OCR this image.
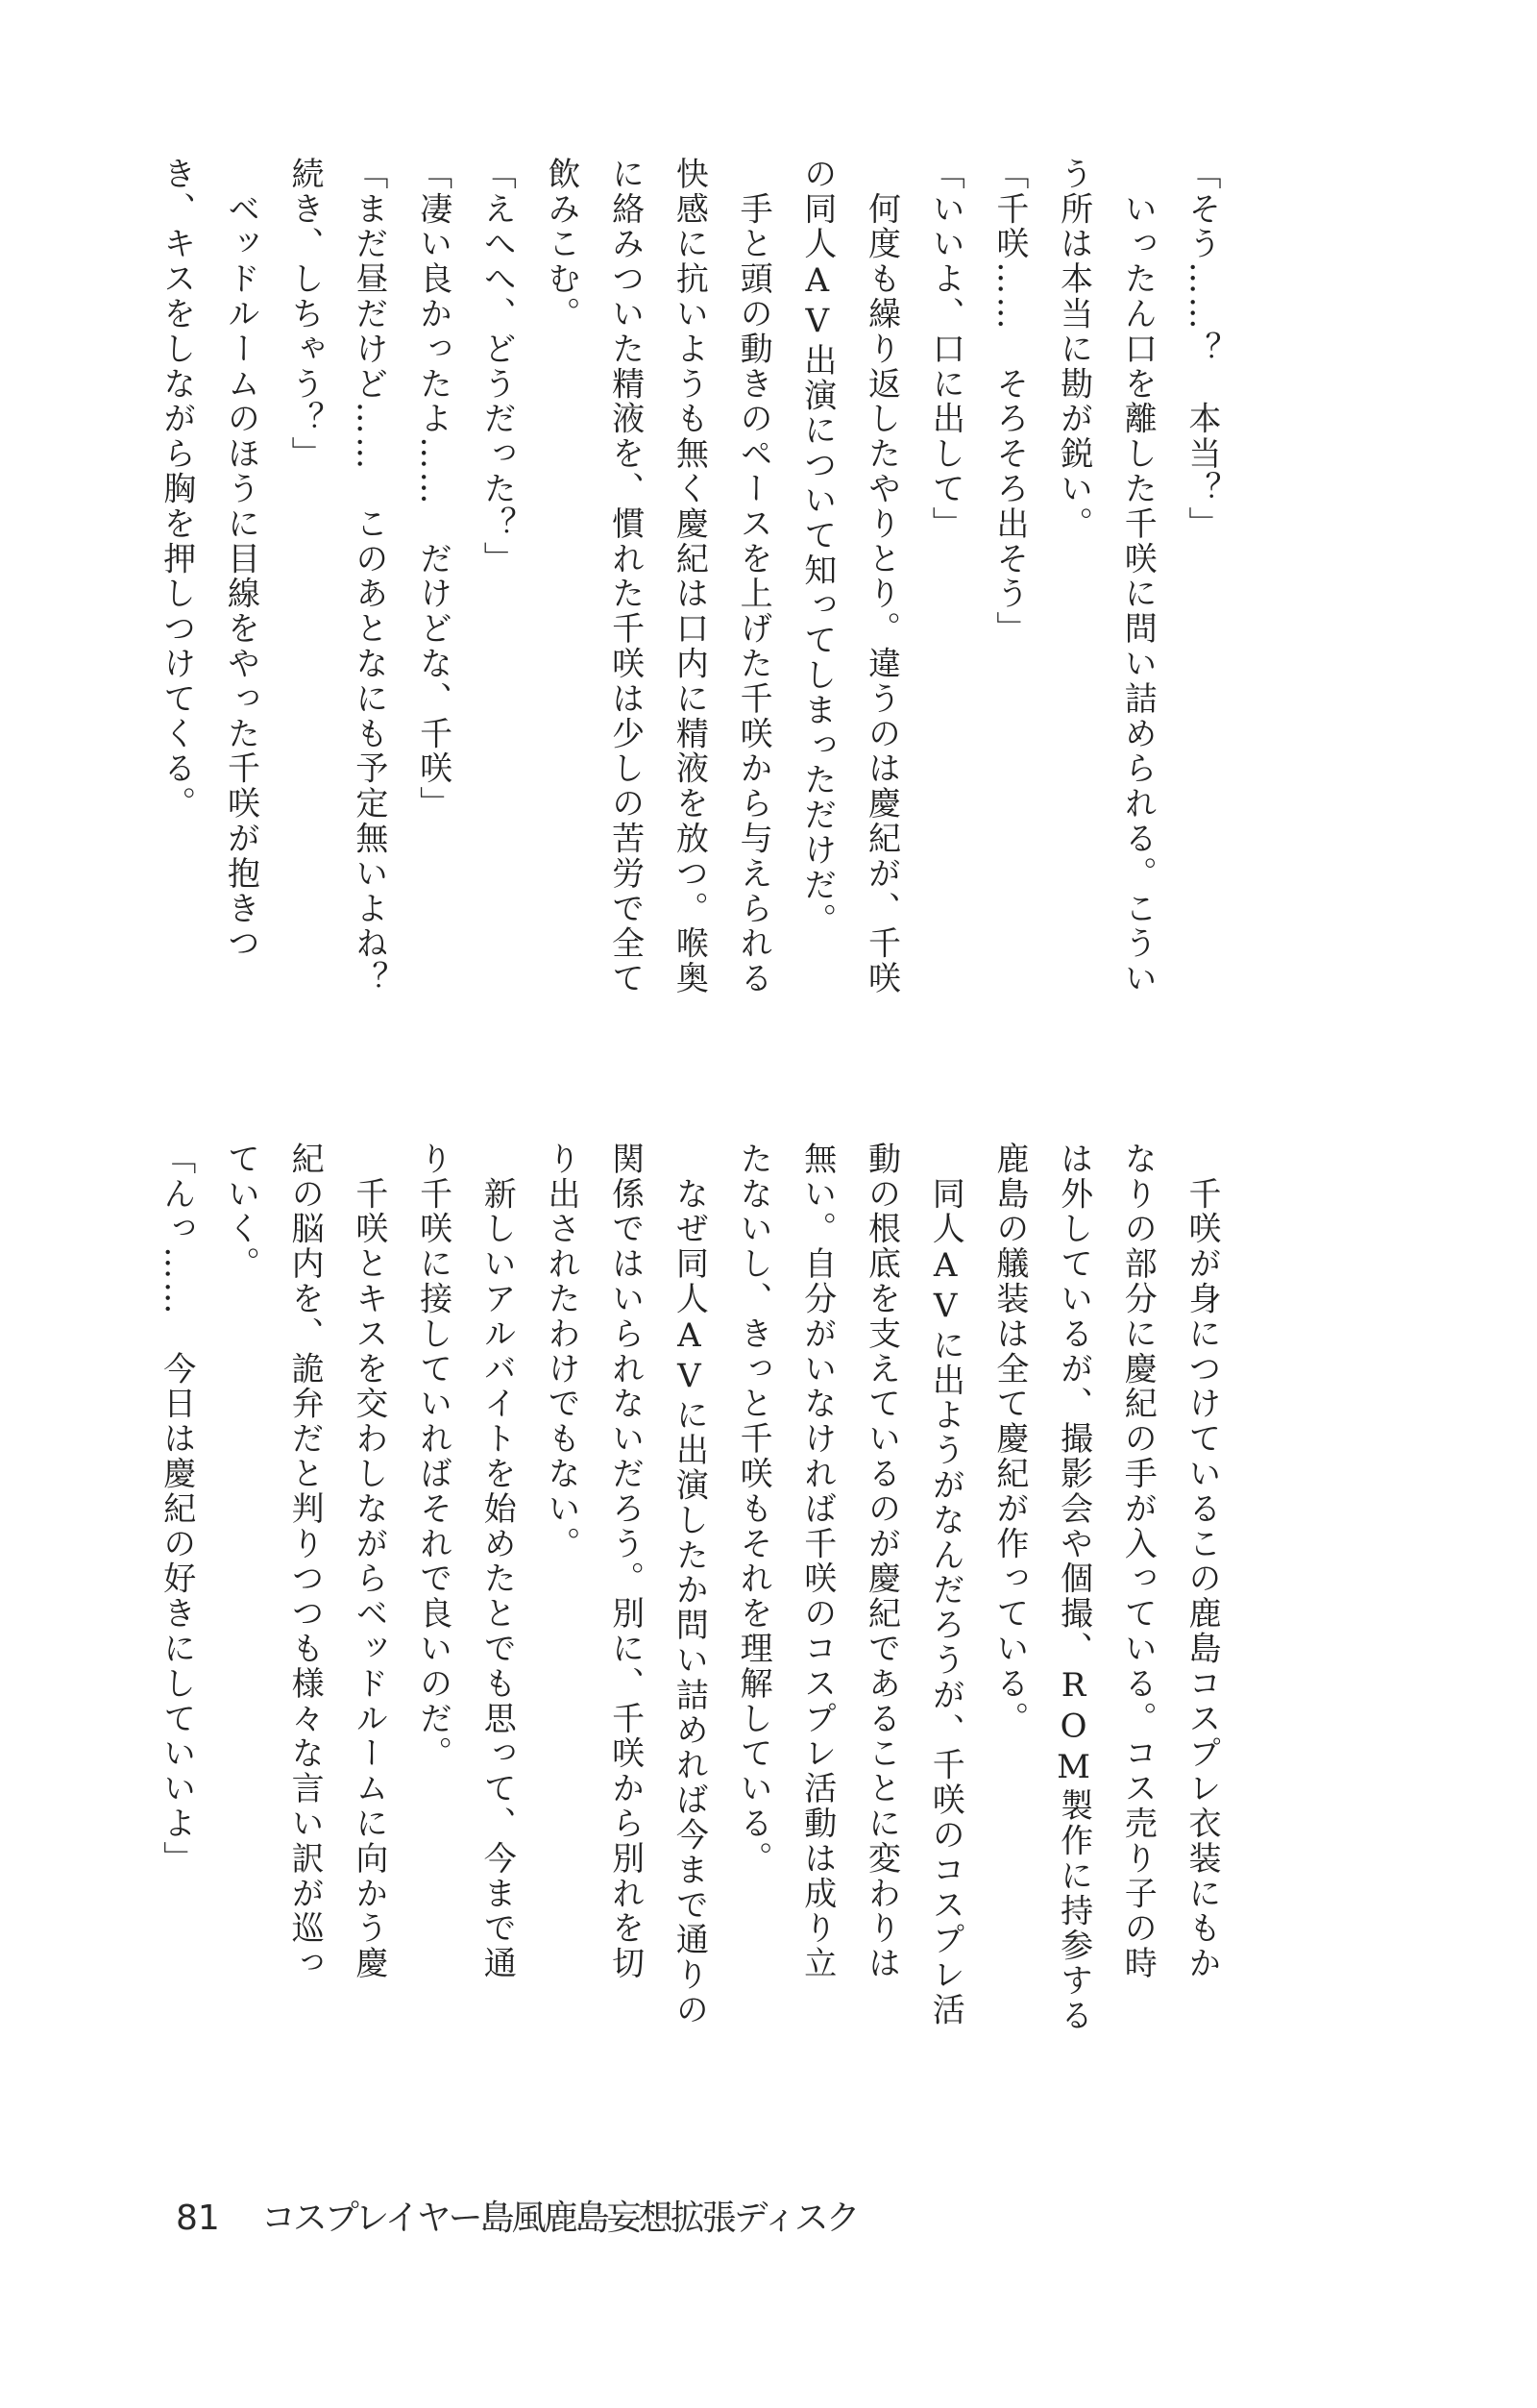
「そう……？　本当？」
　いったん口を離した千咲に問い詰められる。こうい
う所は本当に勘が鋭い。
「千咲……　そろそろ出そう」
「いいよ、口に出して」
　何度も繰り返したやりとり。違うのは慶紀が、千咲
の同人AV出演について知ってしまっただけだ。
　手と頭の動きのペースを上げた千咲から与えられる
快感に抗いようも無く慶紀は口内に精液を放つ。喉奥
に絡みついた精液を、慣れた千咲は少しの苦労で全て
飲みこむ。
「えへへ、どうだった？」
「凄い良かったよ……　だけどな、千咲」
「まだ昼だけど……　このあとなにも予定無いよね？
続き、しちゃう？」
　ベッドルームのほうに目線をやった千咲が抱きつ
き、キスをしながら胸を押しつけてくる。
　千咲が身につけているこの鹿島コスプレ衣装にもか
なりの部分に慶紀の手が入っている。コス売り子の時
は外しているが、撮影会や個撮、ROM製作に持参する
鹿島の艤装は全て慶紀が作っている。
　同人AVに出ようがなんだろうが、千咲のコスプレ活
動の根底を支えているのが慶紀であることに変わりは
無い。自分がいなければ千咲のコスプレ活動は成り立
たないし、きっと千咲もそれを理解している。
　なぜ同人AVに出演したか問い詰めれば今まで通りの
関係ではいられないだろう。別に、千咲から別れを切
り出されたわけでもない。
　新しいアルバイトを始めたとでも思って、今まで通
り千咲に接していればそれで良いのだ。
　千咲とキスを交わしながらベッドルームに向かう慶
紀の脳内を、詭弁だと判りつつも様々な言い訳が巡っ
ていく。
「んっ……　今日は慶紀の好きにしていいよ」
81 コスプレイヤー島風鹿島妄想拡張ディスク
